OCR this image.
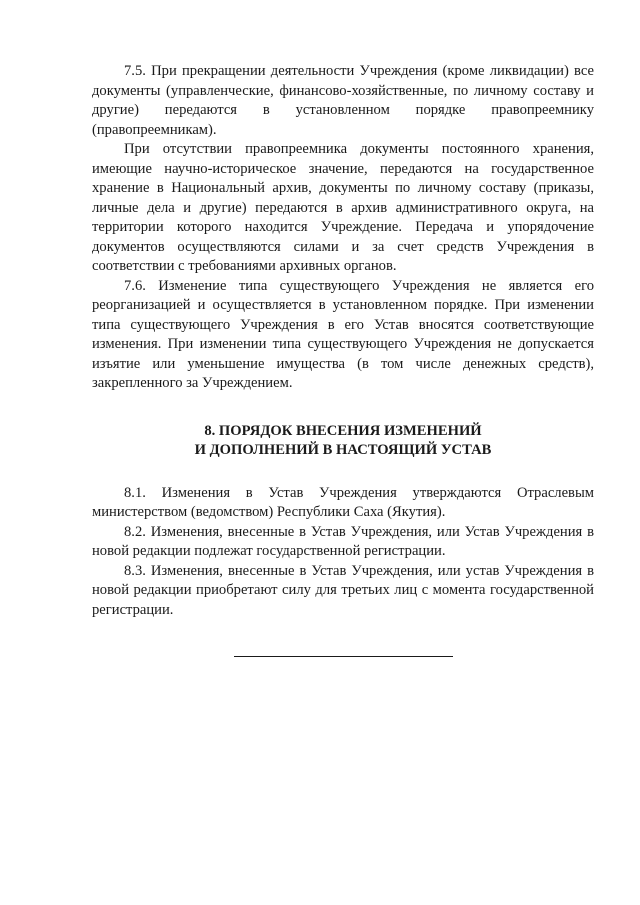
7.5. При прекращении деятельности Учреждения (кроме ликвидации) все документы (управленческие, финансово-хозяйственные, по личному составу и другие) передаются в установленном порядке правопреемнику (правопреемникам).

При отсутствии правопреемника документы постоянного хранения, имеющие научно-историческое значение, передаются на государственное хранение в Национальный архив, документы по личному составу (приказы, личные дела и другие) передаются в архив административного округа, на территории которого находится Учреждение. Передача и упорядочение документов осуществляются силами и за счет средств Учреждения в соответствии с требованиями архивных органов.

7.6. Изменение типа существующего Учреждения не является его реорганизацией и осуществляется в установленном порядке. При изменении типа существующего Учреждения в его Устав вносятся соответствующие изменения. При изменении типа существующего Учреждения не допускается изъятие или уменьшение имущества (в том числе денежных средств), закрепленного за Учреждением.

8. ПОРЯДОК ВНЕСЕНИЯ ИЗМЕНЕНИЙ
И ДОПОЛНЕНИЙ В НАСТОЯЩИЙ УСТАВ

8.1. Изменения в Устав Учреждения утверждаются Отраслевым министерством (ведомством) Республики Саха (Якутия).

8.2. Изменения, внесенные в Устав Учреждения, или Устав Учреждения в новой редакции подлежат государственной регистрации.

8.3. Изменения, внесенные в Устав Учреждения, или устав Учреждения в новой редакции приобретают силу для третьих лиц с момента государственной регистрации.
